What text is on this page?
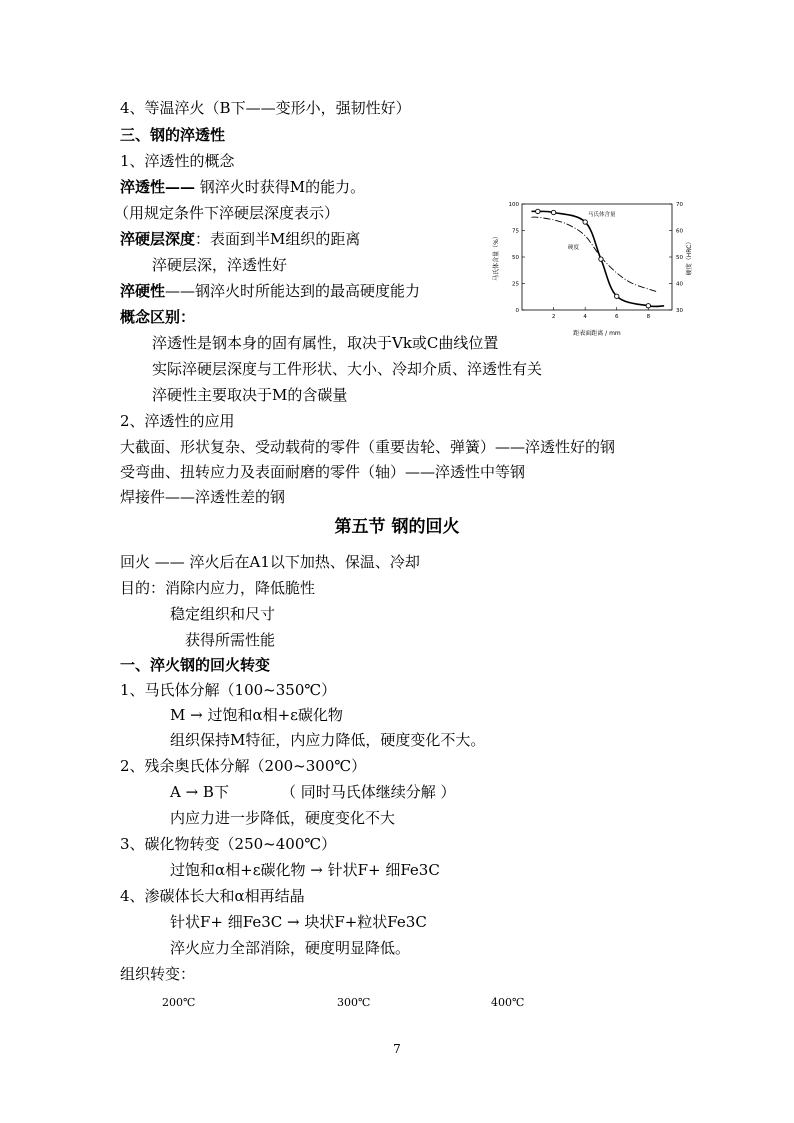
4、等温淬火（B下——变形小，强韧性好）
三、钢的淬透性
1、淬透性的概念
淬透性—— 钢淬火时获得M的能力。
（用规定条件下淬硬层深度表示）
淬硬层深度：表面到半M组织的距离
淬硬层深，淬透性好
淬硬性——钢淬火时所能达到的最高硬度能力
概念区别：
淬透性是钢本身的固有属性，取决于Vk或C曲线位置
实际淬硬层深度与工件形状、大小、冷却介质、淬透性有关
淬硬性主要取决于M的含碳量
2、淬透性的应用
大截面、形状复杂、受动载荷的零件（重要齿轮、弹簧）——淬透性好的钢
受弯曲、扭转应力及表面耐磨的零件（轴）——淬透性中等钢
焊接件——淬透性差的钢
第五节 钢的回火
回火 —— 淬火后在A1以下加热、保温、冷却
目的：消除内应力，降低脆性
稳定组织和尺寸
获得所需性能
一、淬火钢的回火转变
1、马氏体分解（100~350℃）
M → 过饱和α相+ε碳化物
组织保持M特征，内应力降低，硬度变化不大。
2、残余奥氏体分解（200~300℃）
A → B下	（ 同时马氏体继续分解 ）
内应力进一步降低，硬度变化不大
3、碳化物转变（250~400℃）
过饱和α相+ε碳化物 → 针状F+ 细Fe3C
4、渗碳体长大和α相再结晶
针状F+ 细Fe3C → 块状F+粒状Fe3C
淬火应力全部消除，硬度明显降低。
组织转变：
200℃	300℃	400℃
7
0
25
50
75
100
30
40
50
60
70
2	4	6	8
马氏体含量
硬度
距表面距离 / mm
马氏体含量（%）	硬度（HRC）
